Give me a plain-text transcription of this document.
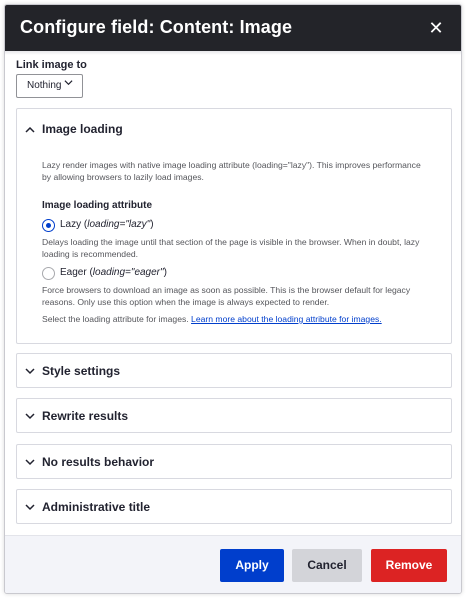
Configure field: Content: Image	✕
Link image to
Nothing
Image loading
Lazy render images with native image loading attribute (loading="lazy"). This improves performance by allowing browsers to lazily load images.
Image loading attribute
Lazy (loading="lazy")
Delays loading the image until that section of the page is visible in the browser. When in doubt, lazy loading is recommended.
Eager (loading="eager")
Force browsers to download an image as soon as possible. This is the browser default for legacy reasons. Only use this option when the image is always expected to render.
Select the loading attribute for images. Learn more about the loading attribute for images.
Style settings
Rewrite results
No results behavior
Administrative title
Apply	Cancel	Remove
